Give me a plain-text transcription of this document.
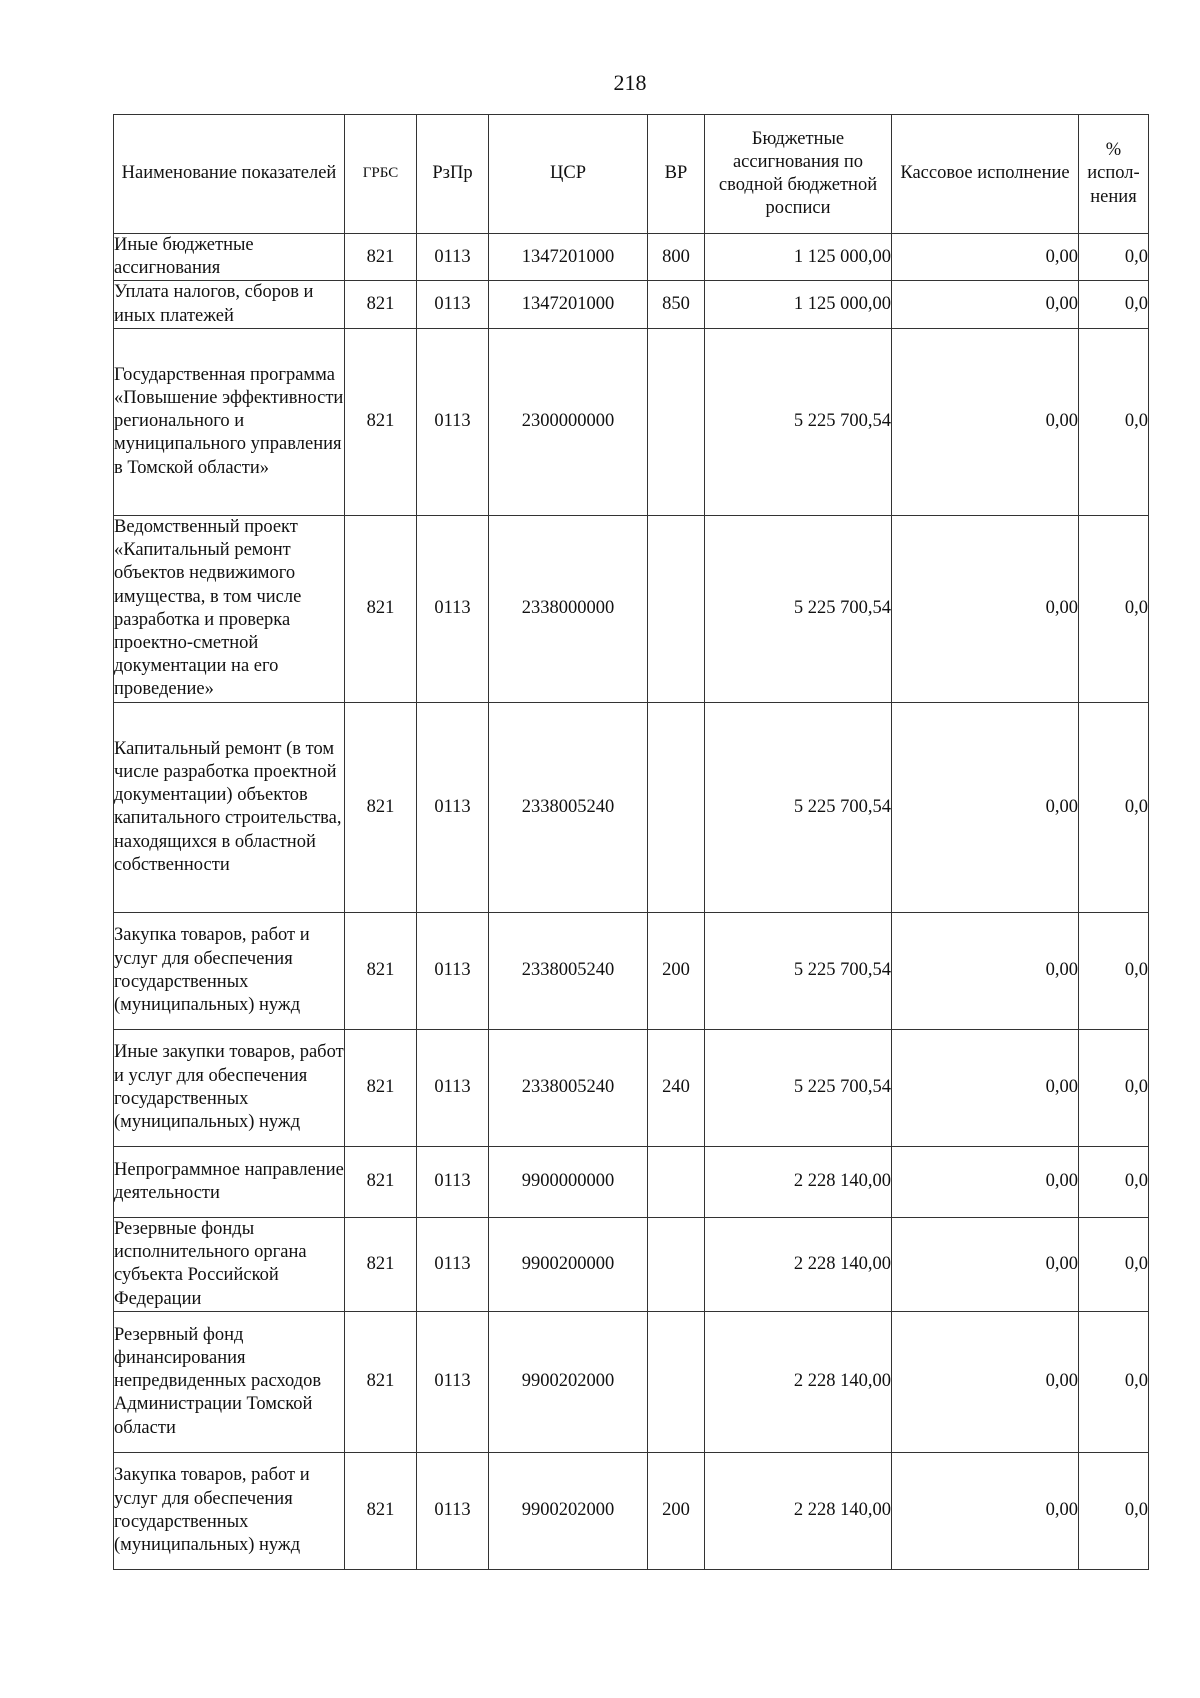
218
Наименование показателей	ГРБС	РзПр	ЦСР	ВР	Бюджетные ассигнования по сводной бюджетной росписи	Кассовое исполнение	% испол-нения
Иные бюджетные ассигнования	821	0113	1347201000	800	1 125 000,00	0,00	0,0
Уплата налогов, сборов и иных платежей	821	0113	1347201000	850	1 125 000,00	0,00	0,0
Государственная программа «Повышение эффективности регионального и муниципального управления в Томской области»	821	0113	2300000000		5 225 700,54	0,00	0,0
Ведомственный проект «Капитальный ремонт объектов недвижимого имущества, в том числе разработка и проверка проектно-сметной документации на его проведение»	821	0113	2338000000		5 225 700,54	0,00	0,0
Капитальный ремонт (в том числе разработка проектной документации) объектов капитального строительства, находящихся в областной собственности	821	0113	2338005240		5 225 700,54	0,00	0,0
Закупка товаров, работ и услуг для обеспечения государственных (муниципальных) нужд	821	0113	2338005240	200	5 225 700,54	0,00	0,0
Иные закупки товаров, работ и услуг для обеспечения государственных (муниципальных) нужд	821	0113	2338005240	240	5 225 700,54	0,00	0,0
Непрограммное направление деятельности	821	0113	9900000000		2 228 140,00	0,00	0,0
Резервные фонды исполнительного органа субъекта Российской Федерации	821	0113	9900200000		2 228 140,00	0,00	0,0
Резервный фонд финансирования непредвиденных расходов Администрации Томской области	821	0113	9900202000		2 228 140,00	0,00	0,0
Закупка товаров, работ и услуг для обеспечения государственных (муниципальных) нужд	821	0113	9900202000	200	2 228 140,00	0,00	0,0
